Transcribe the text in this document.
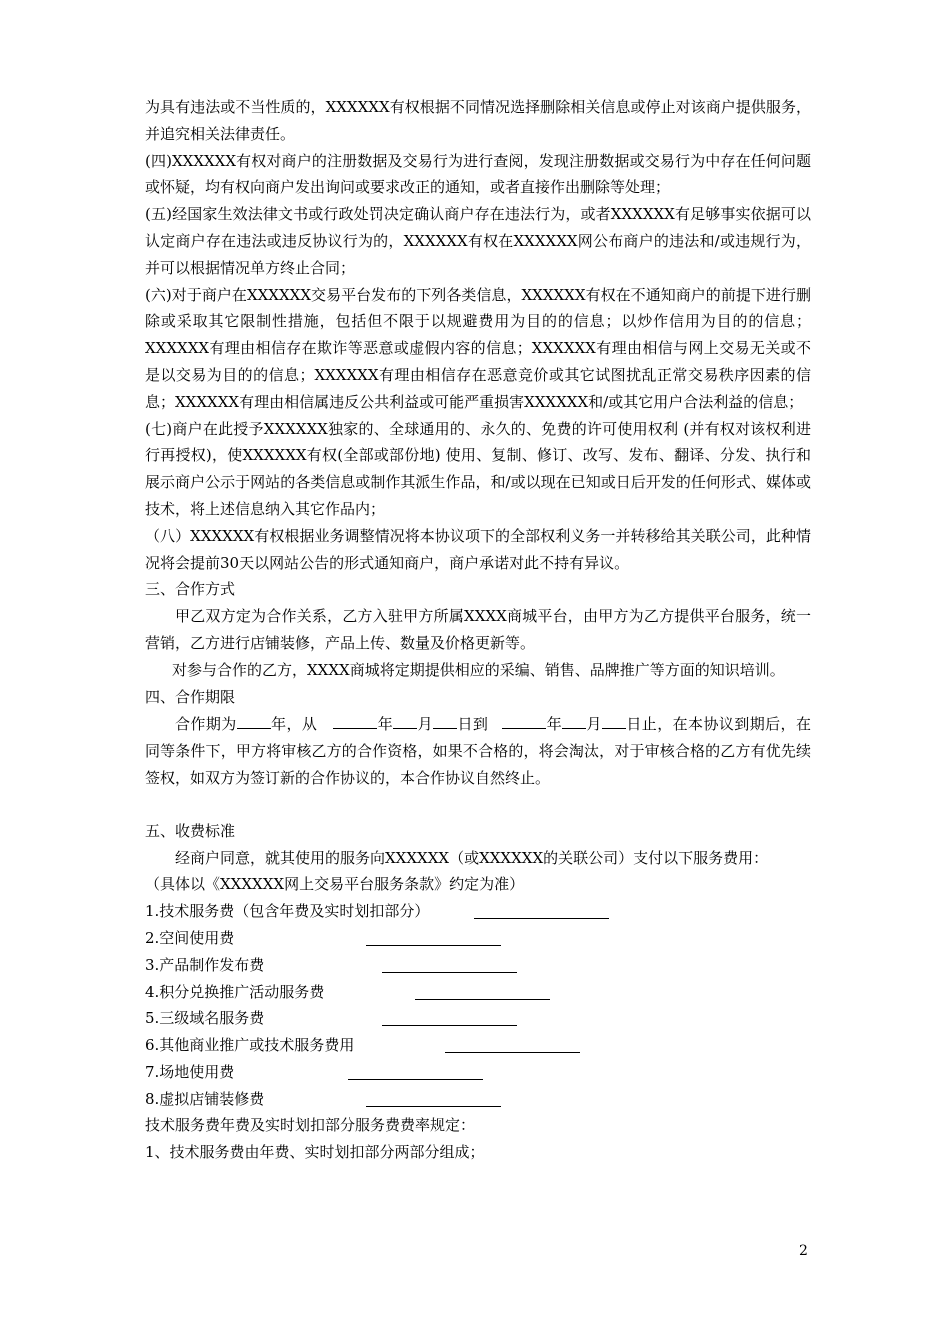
为具有违法或不当性质的，XXXXXX有权根据不同情况选择删除相关信息或停止对该商户提供服务，并追究相关法律责任。

(四)XXXXXX有权对商户的注册数据及交易行为进行查阅，发现注册数据或交易行为中存在任何问题或怀疑，均有权向商户发出询问或要求改正的通知，或者直接作出删除等处理；

(五)经国家生效法律文书或行政处罚决定确认商户存在违法行为，或者XXXXXX有足够事实依据可以认定商户存在违法或违反协议行为的，XXXXXX有权在XXXXXX网公布商户的违法和/或违规行为，并可以根据情况单方终止合同；

(六)对于商户在XXXXXX交易平台发布的下列各类信息，XXXXXX有权在不通知商户的前提下进行删除或采取其它限制性措施，包括但不限于以规避费用为目的的信息；以炒作信用为目的的信息；XXXXXX有理由相信存在欺诈等恶意或虚假内容的信息；XXXXXX有理由相信与网上交易无关或不是以交易为目的的信息；XXXXXX有理由相信存在恶意竞价或其它试图扰乱正常交易秩序因素的信息；XXXXXX有理由相信属违反公共利益或可能严重损害XXXXXX和/或其它用户合法利益的信息；

(七)商户在此授予XXXXXX独家的、全球通用的、永久的、免费的许可使用权利 (并有权对该权利进行再授权)，使XXXXXX有权(全部或部份地) 使用、复制、修订、改写、发布、翻译、分发、执行和展示商户公示于网站的各类信息或制作其派生作品，和/或以现在已知或日后开发的任何形式、媒体或技术，将上述信息纳入其它作品内；

（八）XXXXXX有权根据业务调整情况将本协议项下的全部权利义务一并转移给其关联公司，此种情况将会提前30天以网站公告的形式通知商户，商户承诺对此不持有异议。

三、合作方式

甲乙双方定为合作关系，乙方入驻甲方所属XXXX商城平台，由甲方为乙方提供平台服务，统一营销，乙方进行店铺装修，产品上传、数量及价格更新等。

对参与合作的乙方，XXXX商城将定期提供相应的采编、销售、品牌推广等方面的知识培训。

四、合作期限

合作期为 年，从	年 月 日到	年 月 日止，在本协议到期后，在同等条件下，甲方将审核乙方的合作资格，如果不合格的，将会淘汰，对于审核合格的乙方有优先续签权，如双方为签订新的合作协议的，本合作协议自然终止。

五、收费标准

经商户同意，就其使用的服务向XXXXXX（或XXXXXX的关联公司）支付以下服务费用：

（具体以《XXXXXX网上交易平台服务条款》约定为准）

1.技术服务费（包含年费及实时划扣部分）
2.空间使用费
3.产品制作发布费
4.积分兑换推广活动服务费
5.三级域名服务费
6.其他商业推广或技术服务费用
7.场地使用费
8.虚拟店铺装修费

技术服务费年费及实时划扣部分服务费费率规定：

1、技术服务费由年费、实时划扣部分两部分组成；

2
